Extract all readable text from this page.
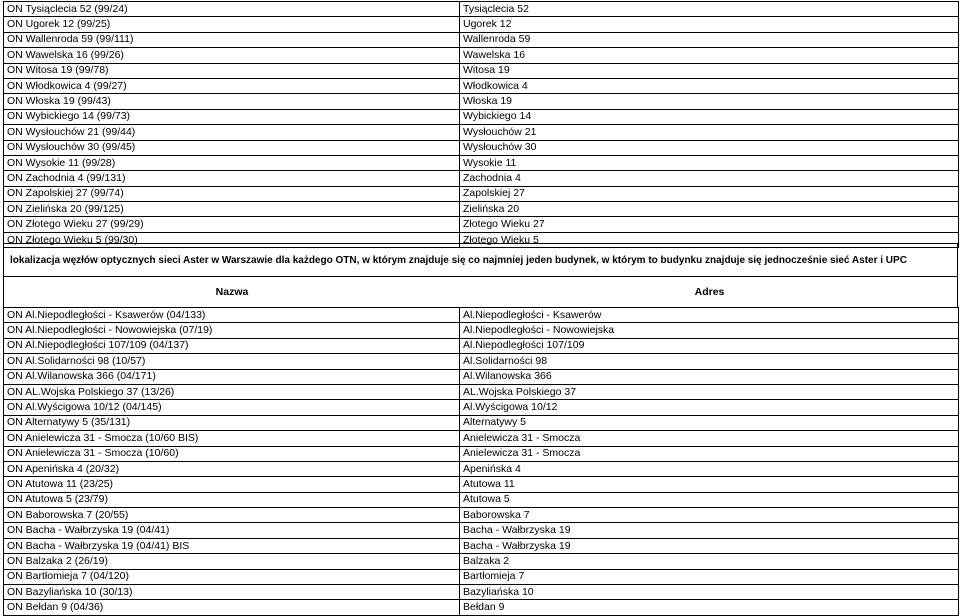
ON Tysiąclecia 52 (99/24)	Tysiąclecia 52
ON Ugorek 12 (99/25)	Ugorek 12
ON Wallenroda 59 (99/111)	Wallenroda 59
ON Wawelska 16 (99/26)	Wawelska 16
ON Witosa 19 (99/78)	Witosa 19
ON Włodkowica 4 (99/27)	Włodkowica 4
ON Włoska 19 (99/43)	Włoska 19
ON Wybickiego 14 (99/73)	Wybickiego 14
ON Wysłouchów 21 (99/44)	Wysłouchów 21
ON Wysłouchów 30 (99/45)	Wysłouchów 30
ON Wysokie 11 (99/28)	Wysokie 11
ON Zachodnia 4 (99/131)	Zachodnia 4
ON Zapolskiej 27 (99/74)	Zapolskiej 27
ON Zielińska 20 (99/125)	Zielińska 20
ON Złotego Wieku 27 (99/29)	Złotego Wieku 27
ON Złotego Wieku 5 (99/30)	Złotego Wieku 5
lokalizacja węzłów optycznych sieci Aster w Warszawie dla każdego OTN, w którym znajduje się co najmniej jeden budynek, w którym to budynku znajduje się jednocześnie sieć Aster i UPC
Nazwa	Adres
ON Al.Niepodległości - Ksawerów (04/133)	Al.Niepodległości - Ksawerów
ON Al.Niepodległości - Nowowiejska (07/19)	Al.Niepodległości - Nowowiejska
ON Al.Niepodległości 107/109 (04/137)	Al.Niepodległości 107/109
ON Al.Solidarności 98 (10/57)	Al.Solidarności 98
ON Al.Wilanowska 366 (04/171)	Al.Wilanowska 366
ON AL.Wojska Polskiego 37 (13/26)	AL.Wojska Polskiego 37
ON Al.Wyścigowa 10/12 (04/145)	Al.Wyścigowa 10/12
ON Alternatywy 5 (35/131)	Alternatywy 5
ON Anielewicza 31 - Smocza (10/60 BIS)	Anielewicza 31 - Smocza
ON Anielewicza 31 - Smocza (10/60)	Anielewicza 31 - Smocza
ON Apenińska 4 (20/32)	Apenińska 4
ON Atutowa 11 (23/25)	Atutowa 11
ON Atutowa 5 (23/79)	Atutowa 5
ON Baborowska 7 (20/55)	Baborowska 7
ON Bacha - Wałbrzyska 19 (04/41)	Bacha - Wałbrzyska 19
ON Bacha - Wałbrzyska 19 (04/41) BIS	Bacha - Wałbrzyska 19
ON Balzaka 2 (26/19)	Balzaka 2
ON Bartłomieja 7 (04/120)	Bartłomieja 7
ON Bazyliańska 10 (30/13)	Bazyliańska 10
ON Bełdan 9 (04/36)	Bełdan 9
